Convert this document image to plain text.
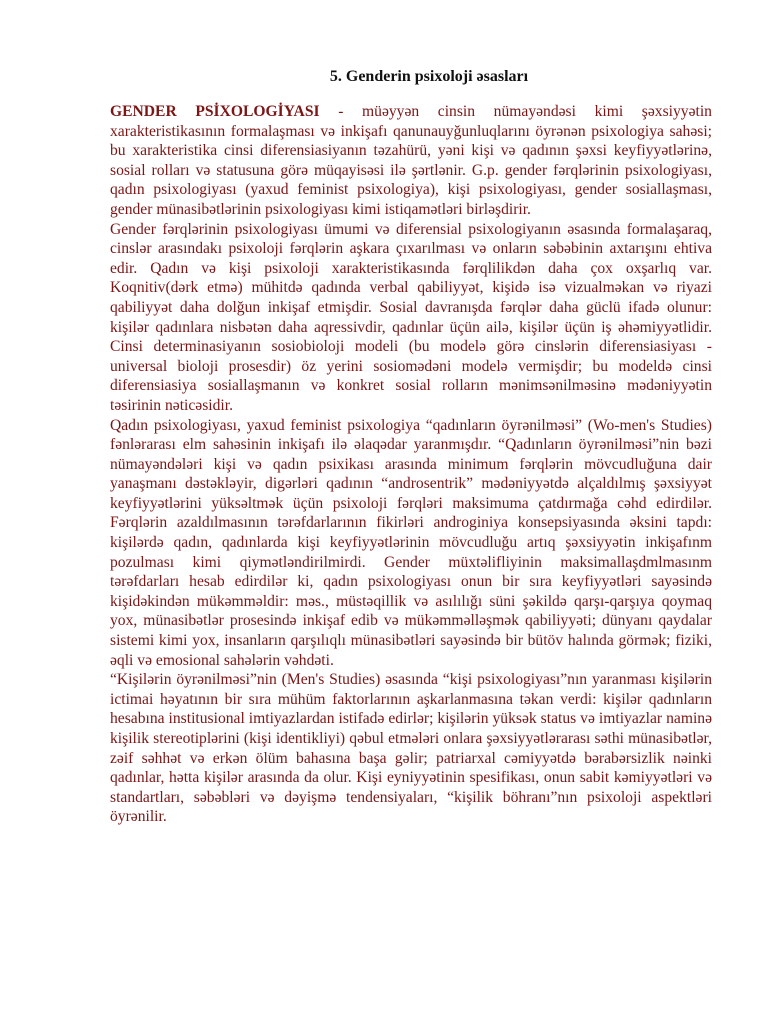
5. Genderin psixoloji əsasları

GENDER PSİXOLOGİYASI - müəyyən cinsin nümayəndəsi kimi şəxsiyyətin xarakteristikasının formalaşması və inkişafı qanunauyğunluqlarını öyrənən psixologiya sahəsi; bu xarakteristika cinsi diferensiasiyanın təzahürü, yəni kişi və qadının şəxsi keyfiyyətlərinə, sosial rolları və statusuna görə müqayisəsi ilə şərtlənir. G.p. gender fərqlərinin psixologiyası, qadın psixologiyası (yaxud feminist psixologiya), kişi psixologiyası, gender sosiallaşması, gender münasibətlərinin psixologiyası kimi istiqamətləri birləşdirir.

Gender fərqlərinin psixologiyası ümumi və diferensial psixologiyanın əsasında formalaşaraq, cinslər arasındakı psixoloji fərqlərin aşkara çıxarılması və onların səbəbinin axtarışını ehtiva edir. Qadın və kişi psixoloji xarakteristikasında fərqlilikdən daha çox oxşarlıq var. Koqnitiv(dərk etmə) mühitdə qadında verbal qabiliyyət, kişidə isə vizualməkan və riyazi qabiliyyət daha dolğun inkişaf etmişdir. Sosial davranışda fərqlər daha güclü ifadə olunur: kişilər qadınlara nisbətən daha aqressivdir, qadınlar üçün ailə, kişilər üçün iş əhəmiyyətlidir. Cinsi determinasiyanın sosiobioloji modeli (bu modelə görə cinslərin diferensiasiyası - universal bioloji prosesdir) öz yerini sosiomədəni modelə vermişdir; bu modeldə cinsi diferensiasiya sosiallaşmanın və konkret sosial rolların mənimsənilməsinə mədəniyyətin təsirinin nəticəsidir.

Qadın psixologiyası, yaxud feminist psixologiya “qadınların öyrənilməsi” (Wo-men's Studies) fənlərarası elm sahəsinin inkişafı ilə əlaqədar yaranmışdır. “Qadınların öyrənilməsi”nin bəzi nümayəndələri kişi və qadın psixikası arasında minimum fərqlərin mövcudluğuna dair yanaşmanı dəstəkləyir, digərləri qadının “androsentrik” mədəniyyətdə alçaldılmış şəxsiyyət keyfiyyətlərini yüksəltmək üçün psixoloji fərqləri maksimuma çatdırmağa cəhd edirdilər. Fərqlərin azaldılmasının tərəfdarlarının fikirləri androginiya konsepsiyasında əksini tapdı: kişilərdə qadın, qadınlarda kişi keyfiyyətlərinin mövcudluğu artıq şəxsiyyətin inkişafınm pozulması kimi qiymətləndirilmirdi. Gender müxtəlifliyinin maksimallaşdmlmasınm tərəfdarları hesab edirdilər ki, qadın psixologiyası onun bir sıra keyfiyyətləri sayəsində kişidəkindən mükəmməldir: məs., müstəqillik və asılılığı süni şəkildə qarşı-qarşıya qoymaq yox, münasibətlər prosesində inkişaf edib və mükəmməlləşmək qabiliyyəti; dünyanı qaydalar sistemi kimi yox, insanların qarşılıqlı münasibətləri sayəsində bir bütöv halında görmək; fiziki, əqli və emosional sahələrin vəhdəti.

“Kişilərin öyrənilməsi”nin (Men's Studies) əsasında “kişi psixologiyası”nın yaranması kişilərin ictimai həyatının bir sıra mühüm faktorlarının aşkarlanmasına təkan verdi: kişilər qadınların hesabına institusional imtiyazlardan istifadə edirlər; kişilərin yüksək status və imtiyazlar naminə kişilik stereotiplərini (kişi identikliyi) qəbul etmələri onlara şəxsiyyətlərarası səthi münasibətlər, zəif səhhət və erkən ölüm bahasına başa gəlir; patriarxal cəmiyyətdə bərabərsizlik nəinki qadınlar, hətta kişilər arasında da olur. Kişi eyniyyətinin spesifikası, onun sabit kəmiyyətləri və standartları, səbəbləri və dəyişmə tendensiyaları, “kişilik böhranı”nın psixoloji aspektləri öyrənilir.
